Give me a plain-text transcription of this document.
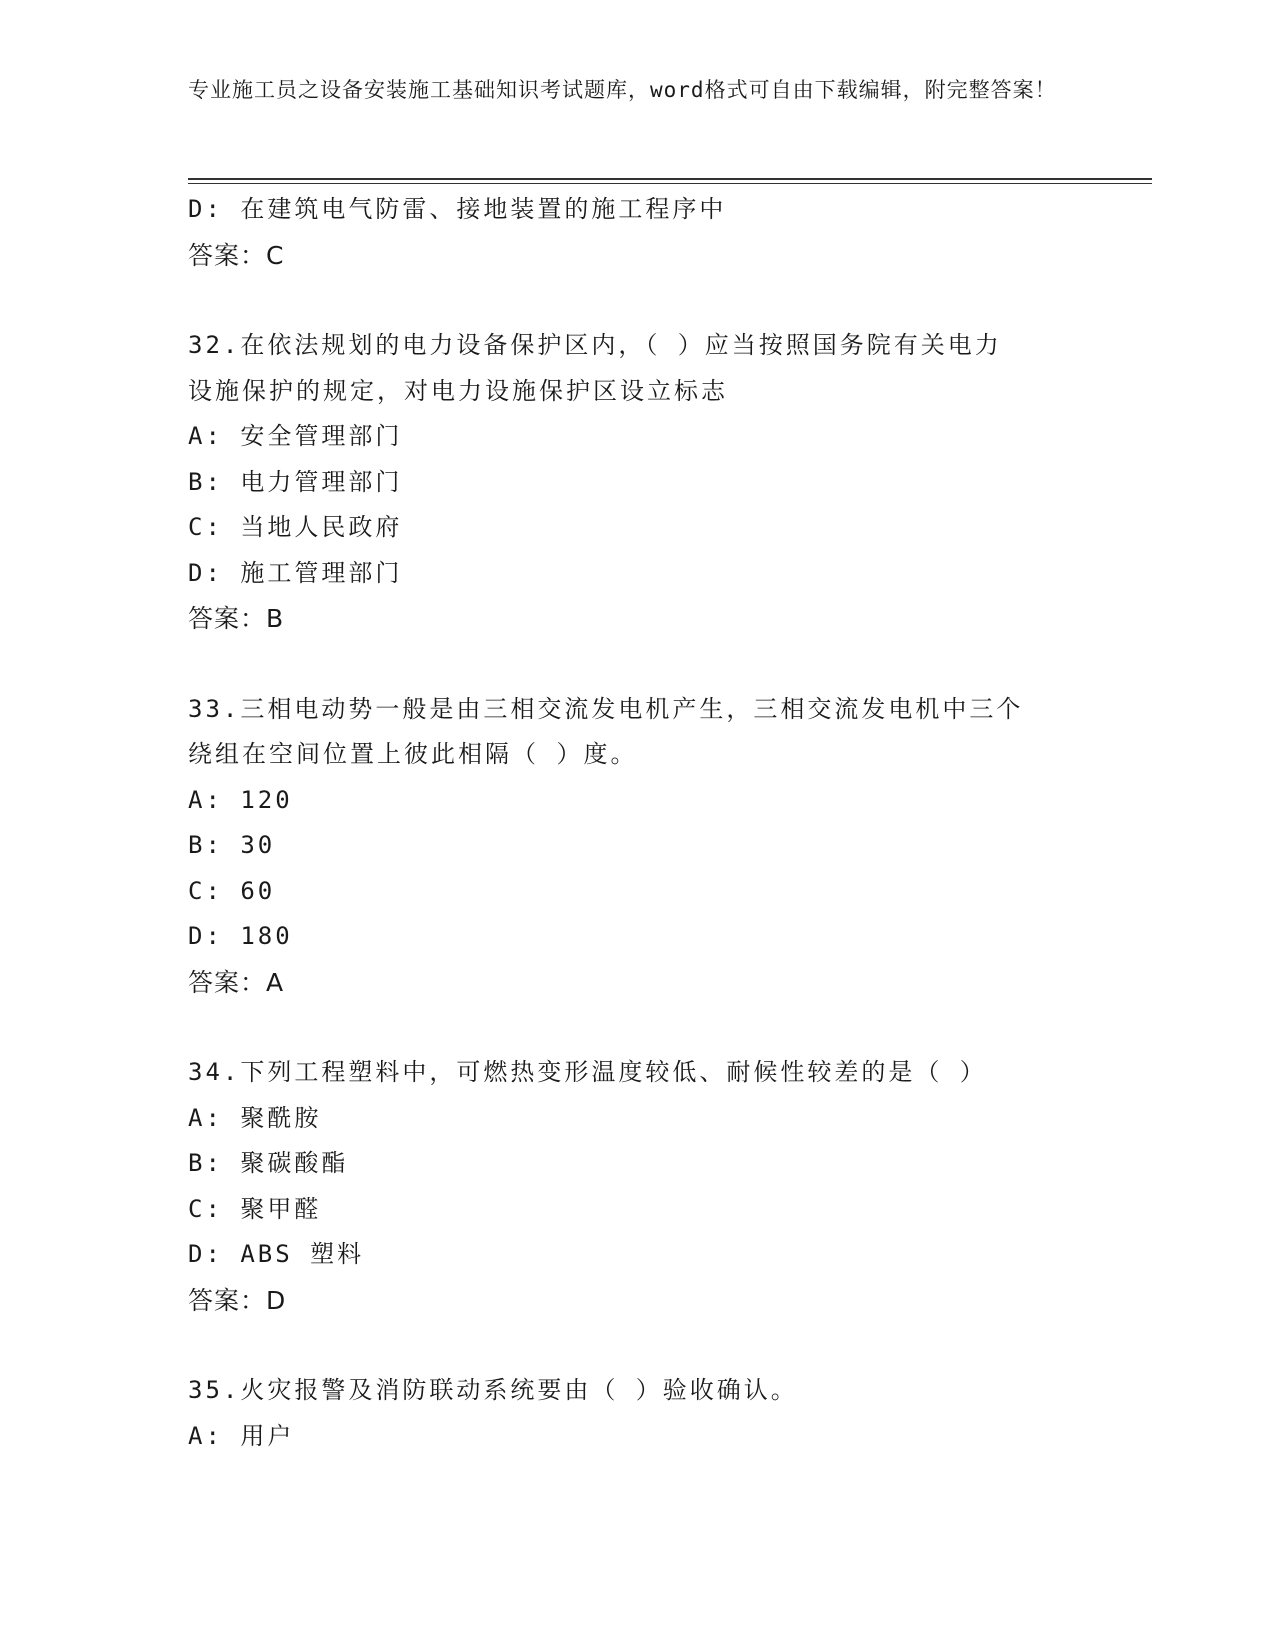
专业施工员之设备安装施工基础知识考试题库，word格式可自由下载编辑，附完整答案！
D: 在建筑电气防雷、接地装置的施工程序中
答案：C
32.在依法规划的电力设备保护区内，（ ）应当按照国务院有关电力
设施保护的规定，对电力设施保护区设立标志
A: 安全管理部门
B: 电力管理部门
C: 当地人民政府
D: 施工管理部门
答案：B
33.三相电动势一般是由三相交流发电机产生，三相交流发电机中三个
绕组在空间位置上彼此相隔（ ）度。
A: 120
B: 30
C: 60
D: 180
答案：A
34.下列工程塑料中，可燃热变形温度较低、耐候性较差的是（ ）
A: 聚酰胺
B: 聚碳酸酯
C: 聚甲醛
D: ABS 塑料
答案：D
35.火灾报警及消防联动系统要由（ ）验收确认。
A: 用户
